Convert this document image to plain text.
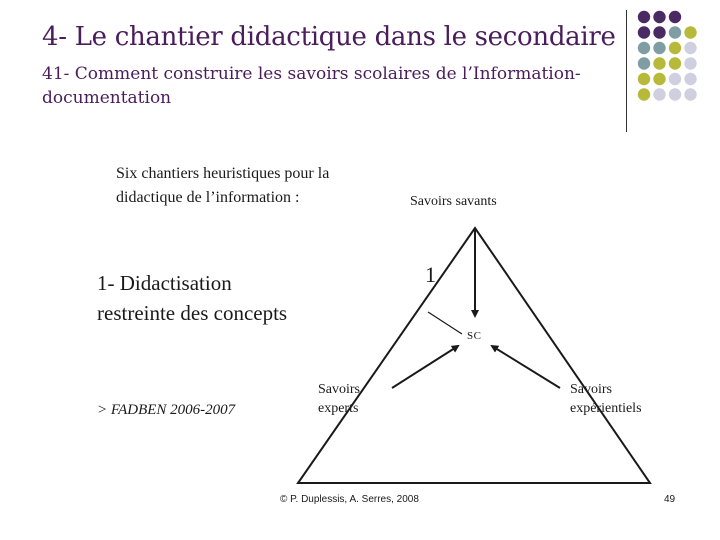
4- Le chantier didactique dans le secondaire
41- Comment construire les savoirs scolaires de l’Information-documentation
Six chantiers heuristiques pour la didactique de l’information :
1- Didactisation restreinte des concepts
> FADBEN 2006-2007
Savoirs savants
Savoirs experts
Savoirs expérientiels
1
SC
© P. Duplessis, A. Serres, 2008	49
